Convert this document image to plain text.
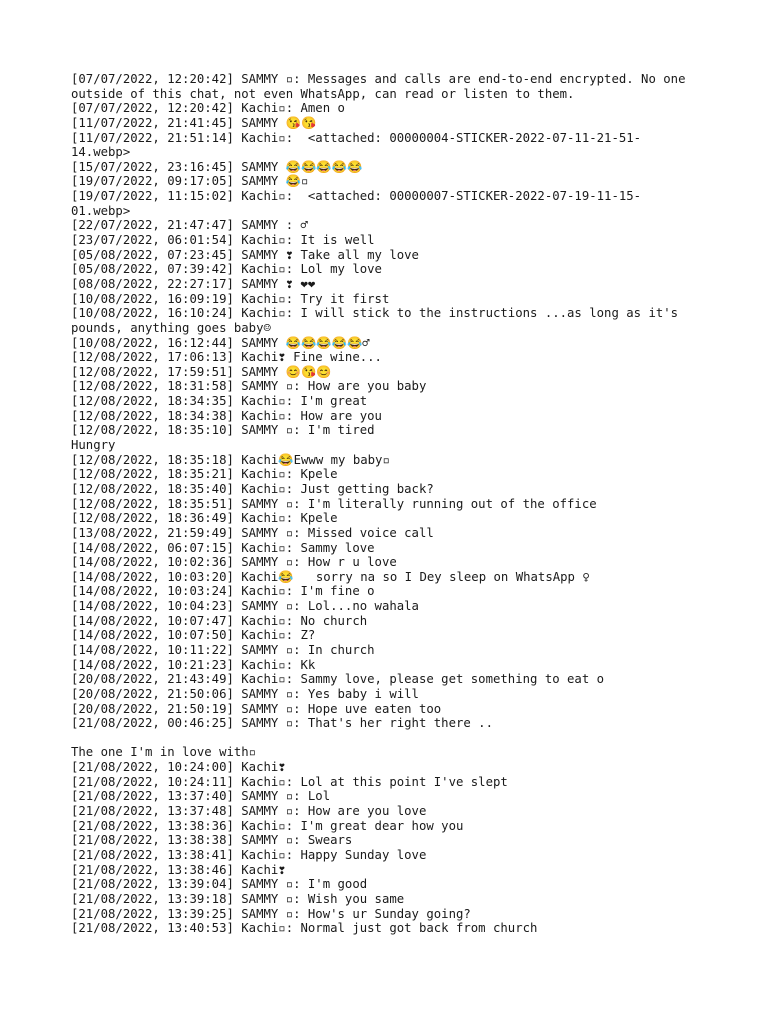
[07/07/2022, 12:20:42] SAMMY ▫: Messages and calls are end-to-end encrypted. No one
outside of this chat, not even WhatsApp, can read or listen to them.
[07/07/2022, 12:20:42] Kachi▫: Amen o
[11/07/2022, 21:41:45] SAMMY 😘😘
[11/07/2022, 21:51:14] Kachi▫:  <attached: 00000004-STICKER-2022-07-11-21-51-
14.webp>
[15/07/2022, 23:16:45] SAMMY 😂😂😂😂😂
[19/07/2022, 09:17:05] SAMMY 😂▫
[19/07/2022, 11:15:02] Kachi▫:  <attached: 00000007-STICKER-2022-07-19-11-15-
01.webp>
[22/07/2022, 21:47:47] SAMMY : ♂
[23/07/2022, 06:01:54] Kachi▫: It is well
[05/08/2022, 07:23:45] SAMMY ❣ Take all my love
[05/08/2022, 07:39:42] Kachi▫: Lol my love
[08/08/2022, 22:27:17] SAMMY ❣ ❤❤
[10/08/2022, 16:09:19] Kachi▫: Try it first
[10/08/2022, 16:10:24] Kachi▫: I will stick to the instructions ...as long as it's
pounds, anything goes baby☺
[10/08/2022, 16:12:44] SAMMY 😂😂😂😂😂♂
[12/08/2022, 17:06:13] Kachi❣ Fine wine...
[12/08/2022, 17:59:51] SAMMY 😊😘😊
[12/08/2022, 18:31:58] SAMMY ▫: How are you baby
[12/08/2022, 18:34:35] Kachi▫: I'm great
[12/08/2022, 18:34:38] Kachi▫: How are you
[12/08/2022, 18:35:10] SAMMY ▫: I'm tired
Hungry
[12/08/2022, 18:35:18] Kachi😂Ewww my baby▫
[12/08/2022, 18:35:21] Kachi▫: Kpele
[12/08/2022, 18:35:40] Kachi▫: Just getting back?
[12/08/2022, 18:35:51] SAMMY ▫: I'm literally running out of the office
[12/08/2022, 18:36:49] Kachi▫: Kpele
[13/08/2022, 21:59:49] SAMMY ▫: Missed voice call
[14/08/2022, 06:07:15] Kachi▫: Sammy love
[14/08/2022, 10:02:36] SAMMY ▫: How r u love
[14/08/2022, 10:03:20] Kachi😂   sorry na so I Dey sleep on WhatsApp ♀
[14/08/2022, 10:03:24] Kachi▫: I'm fine o
[14/08/2022, 10:04:23] SAMMY ▫: Lol...no wahala
[14/08/2022, 10:07:47] Kachi▫: No church
[14/08/2022, 10:07:50] Kachi▫: Z?
[14/08/2022, 10:11:22] SAMMY ▫: In church
[14/08/2022, 10:21:23] Kachi▫: Kk
[20/08/2022, 21:43:49] Kachi▫: Sammy love, please get something to eat o
[20/08/2022, 21:50:06] SAMMY ▫: Yes baby i will
[20/08/2022, 21:50:19] SAMMY ▫: Hope uve eaten too
[21/08/2022, 00:46:25] SAMMY ▫: That's her right there ..
The one I'm in love with▫
[21/08/2022, 10:24:00] Kachi❣
[21/08/2022, 10:24:11] Kachi▫: Lol at this point I've slept
[21/08/2022, 13:37:40] SAMMY ▫: Lol
[21/08/2022, 13:37:48] SAMMY ▫: How are you love
[21/08/2022, 13:38:36] Kachi▫: I'm great dear how you
[21/08/2022, 13:38:38] SAMMY ▫: Swears
[21/08/2022, 13:38:41] Kachi▫: Happy Sunday love
[21/08/2022, 13:38:46] Kachi❣
[21/08/2022, 13:39:04] SAMMY ▫: I'm good
[21/08/2022, 13:39:18] SAMMY ▫: Wish you same
[21/08/2022, 13:39:25] SAMMY ▫: How's ur Sunday going?
[21/08/2022, 13:40:53] Kachi▫: Normal just got back from church
